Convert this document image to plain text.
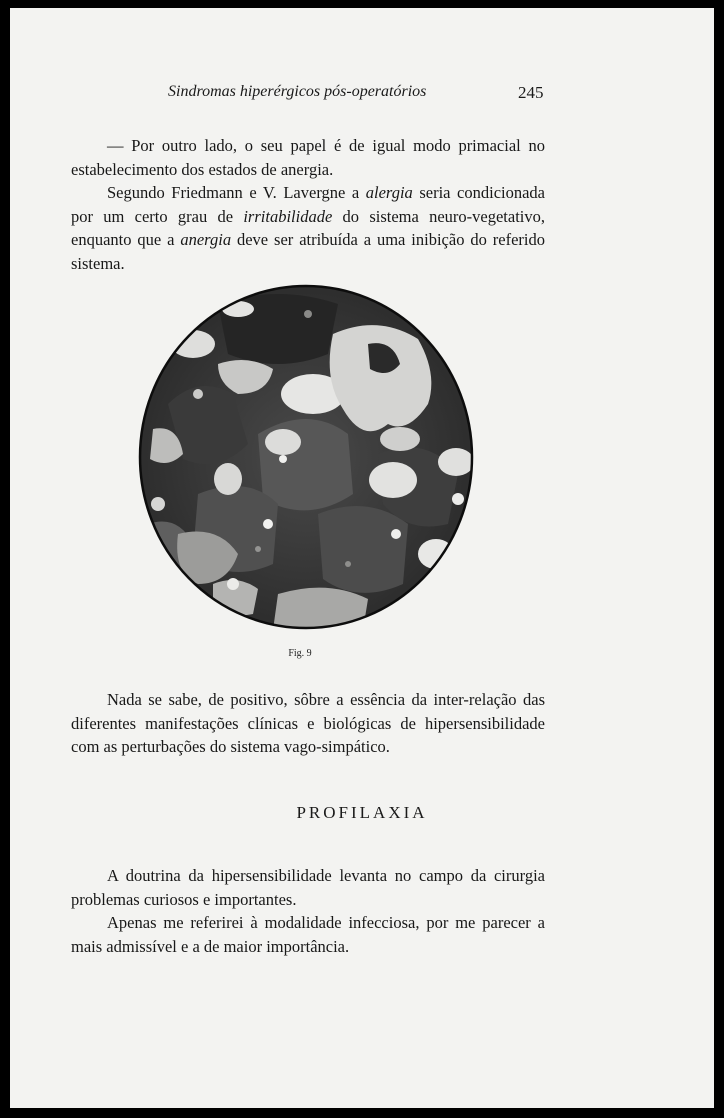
Sindromas hiperérgicos pós-operatórios	245

— Por outro lado, o seu papel é de igual modo primacial no estabelecimento dos estados de anergia.

Segundo Friedmann e V. Lavergne a alergia seria condicionada por um certo grau de irritabilidade do sistema neuro-vegetativo, enquanto que a anergia deve ser atribuída a uma inibição do referido sistema.

Fig. 9

Nada se sabe, de positivo, sôbre a essência da inter-relação das diferentes manifestações clínicas e biológicas de hipersensibilidade com as perturbações do sistema vago-simpático.

PROFILAXIA

A doutrina da hipersensibilidade levanta no campo da cirurgia problemas curiosos e importantes.

Apenas me referirei à modalidade infecciosa, por me parecer a mais admissível e a de maior importância.
